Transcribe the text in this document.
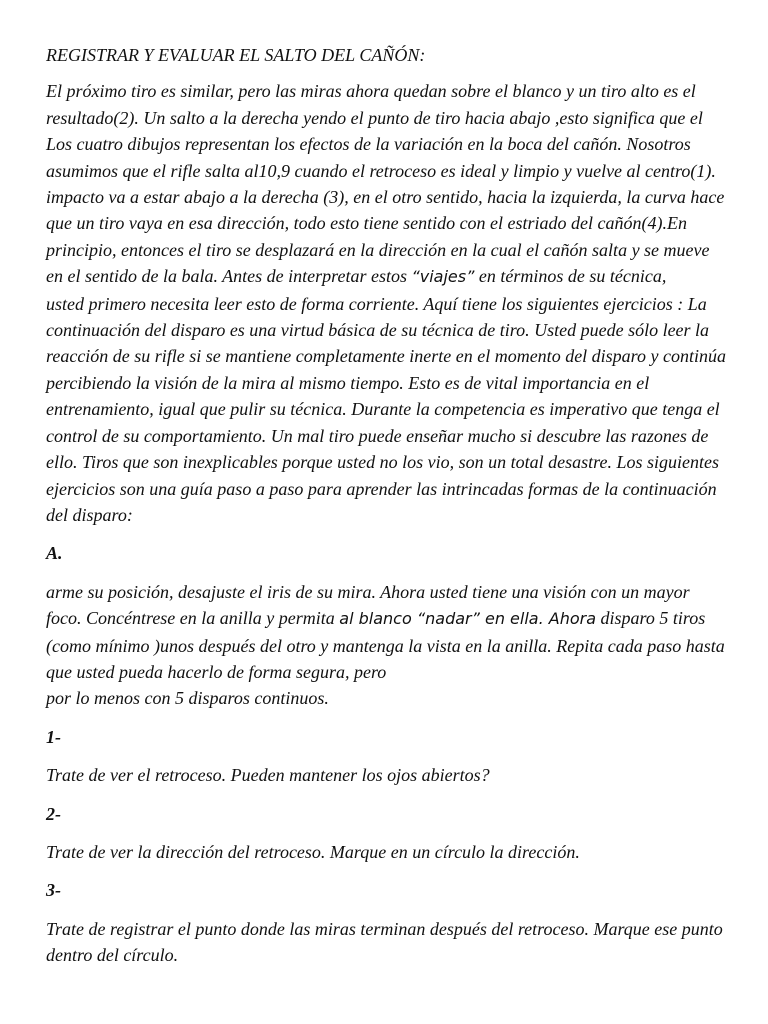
REGISTRAR Y EVALUAR EL SALTO DEL CAÑÓN:

El próximo tiro es similar, pero las miras ahora quedan sobre el blanco y un tiro alto es el resultado(2). Un salto a la derecha yendo el punto de tiro hacia abajo ,esto significa que el Los cuatro dibujos representan los efectos de la variación en la boca del cañón. Nosotros asumimos que el rifle salta al10,9 cuando el retroceso es ideal y limpio y vuelve al centro(1). impacto va a estar abajo a la derecha (3), en el otro sentido, hacia la izquierda, la curva hace que un tiro vaya en esa dirección, todo esto tiene sentido con el estriado del cañón(4).En principio, entonces el tiro se desplazará en la dirección en la cual el cañón salta y se mueve en el sentido de la bala. Antes de interpretar estos “viajes” en términos de su técnica,
usted primero necesita leer esto de forma corriente. Aquí tiene los siguientes ejercicios : La continuación del disparo es una virtud básica de su técnica de tiro. Usted puede sólo leer la reacción de su rifle si se mantiene completamente inerte en el momento del disparo y continúa percibiendo la visión de la mira al mismo tiempo. Esto es de vital importancia en el entrenamiento, igual que pulir su técnica. Durante la competencia es imperativo que tenga el control de su comportamiento. Un mal tiro puede enseñar mucho si descubre las razones de ello. Tiros que son inexplicables porque usted no los vio, son un total desastre. Los siguientes ejercicios son una guía paso a paso para aprender las intrincadas formas de la continuación del disparo:

A.

arme su posición, desajuste el iris de su mira. Ahora usted tiene una visión con un mayor foco. Concéntrese en la anilla y permita al blanco “nadar” en ella. Ahora disparo 5 tiros (como mínimo )unos después del otro y mantenga la vista en la anilla. Repita cada paso hasta que usted pueda hacerlo de forma segura, pero
por lo menos con 5 disparos continuos.

1-

Trate de ver el retroceso. Pueden mantener los ojos abiertos?

2-

Trate de ver la dirección del retroceso. Marque en un círculo la dirección.

3-

Trate de registrar el punto donde las miras terminan después del retroceso. Marque ese punto dentro del círculo.
